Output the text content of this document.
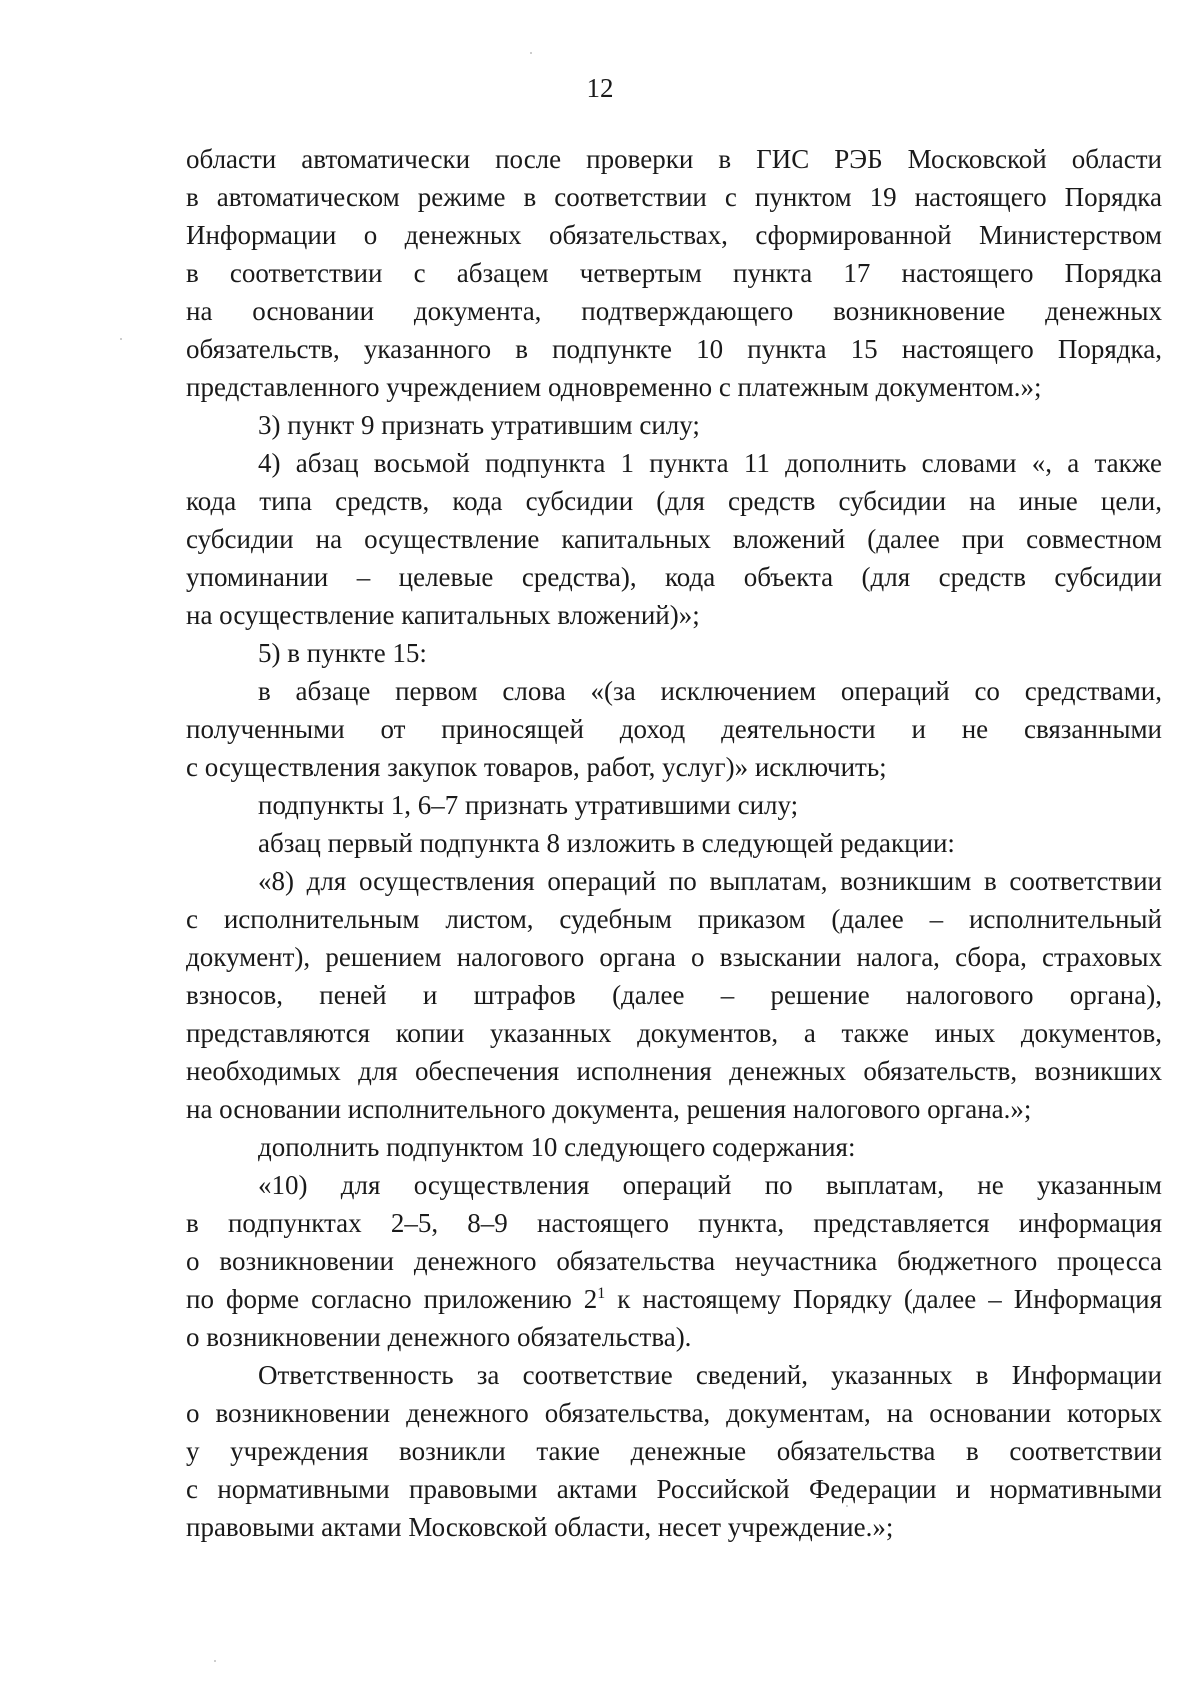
12
области автоматически после проверки в ГИС РЭБ Московской области
в автоматическом режиме в соответствии с пунктом 19 настоящего Порядка
Информации о денежных обязательствах, сформированной Министерством
в соответствии с абзацем четвертым пункта 17 настоящего Порядка
на основании документа, подтверждающего возникновение денежных
обязательств, указанного в подпункте 10 пункта 15 настоящего Порядка,
представленного учреждением одновременно с платежным документом.»;
3) пункт 9 признать утратившим силу;
4) абзац восьмой подпункта 1 пункта 11 дополнить словами «, а также
кода типа средств, кода субсидии (для средств субсидии на иные цели,
субсидии на осуществление капитальных вложений (далее при совместном
упоминании – целевые средства), кода объекта (для средств субсидии
на осуществление капитальных вложений)»;
5) в пункте 15:
в абзаце первом слова «(за исключением операций со средствами,
полученными от приносящей доход деятельности и не связанными
с осуществления закупок товаров, работ, услуг)» исключить;
подпункты 1, 6–7 признать утратившими силу;
абзац первый подпункта 8 изложить в следующей редакции:
«8) для осуществления операций по выплатам, возникшим в соответствии
с исполнительным листом, судебным приказом (далее – исполнительный
документ), решением налогового органа о взыскании налога, сбора, страховых
взносов, пеней и штрафов (далее – решение налогового органа),
представляются копии указанных документов, а также иных документов,
необходимых для обеспечения исполнения денежных обязательств, возникших
на основании исполнительного документа, решения налогового органа.»;
дополнить подпунктом 10 следующего содержания:
«10) для осуществления операций по выплатам, не указанным
в подпунктах 2–5, 8–9 настоящего пункта, представляется информация
о возникновении денежного обязательства неучастника бюджетного процесса
по форме согласно приложению $2^1$ к настоящему Порядку (далее – Информация
о возникновении денежного обязательства).
Ответственность за соответствие сведений, указанных в Информации
о возникновении денежного обязательства, документам, на основании которых
у учреждения возникли такие денежные обязательства в соответствии
с нормативными правовыми актами Российской Федерации и нормативными
правовыми актами Московской области, несет учреждение.»;
